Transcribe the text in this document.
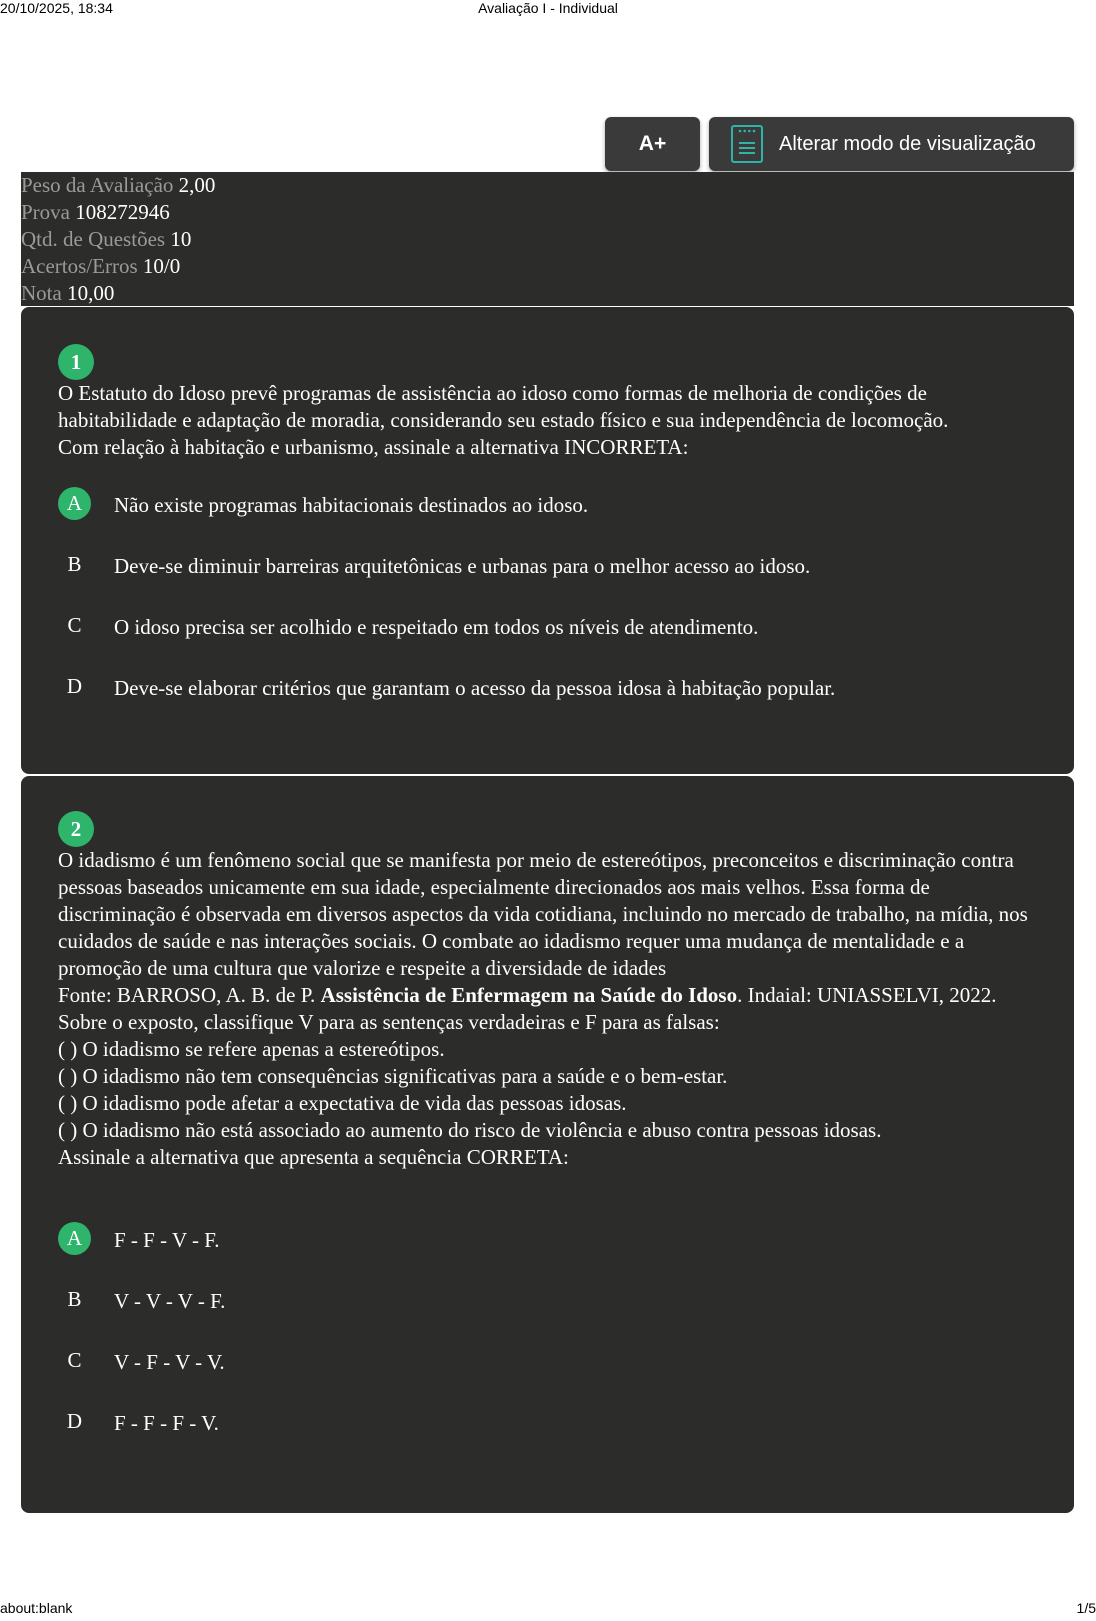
20/10/2025, 18:34	Avaliação I - Individual
A+	Alterar modo de visualização
Peso da Avaliação 2,00
Prova 108272946
Qtd. de Questões 10
Acertos/Erros 10/0
Nota 10,00
1

O Estatuto do Idoso prevê programas de assistência ao idoso como formas de melhoria de condições de habitabilidade e adaptação de moradia, considerando seu estado físico e sua independência de locomoção.

Com relação à habitação e urbanismo, assinale a alternativa INCORRETA:

A	Não existe programas habitacionais destinados ao idoso.
B	Deve-se diminuir barreiras arquitetônicas e urbanas para o melhor acesso ao idoso.
C	O idoso precisa ser acolhido e respeitado em todos os níveis de atendimento.
D	Deve-se elaborar critérios que garantam o acesso da pessoa idosa à habitação popular.
2

O idadismo é um fenômeno social que se manifesta por meio de estereótipos, preconceitos e discriminação contra pessoas baseados unicamente em sua idade, especialmente direcionados aos mais velhos. Essa forma de discriminação é observada em diversos aspectos da vida cotidiana, incluindo no mercado de trabalho, na mídia, nos cuidados de saúde e nas interações sociais. O combate ao idadismo requer uma mudança de mentalidade e a promoção de uma cultura que valorize e respeite a diversidade de idades

Fonte: BARROSO, A. B. de P. Assistência de Enfermagem na Saúde do Idoso. Indaial: UNIASSELVI, 2022.

Sobre o exposto, classifique V para as sentenças verdadeiras e F para as falsas:

( ) O idadismo se refere apenas a estereótipos.

( ) O idadismo não tem consequências significativas para a saúde e o bem-estar.

( ) O idadismo pode afetar a expectativa de vida das pessoas idosas.

( ) O idadismo não está associado ao aumento do risco de violência e abuso contra pessoas idosas.

Assinale a alternativa que apresenta a sequência CORRETA:

A	F - F - V - F.
B	V - V - V - F.
C	V - F - V - V.
D	F - F - F - V.
about:blank	1/5
